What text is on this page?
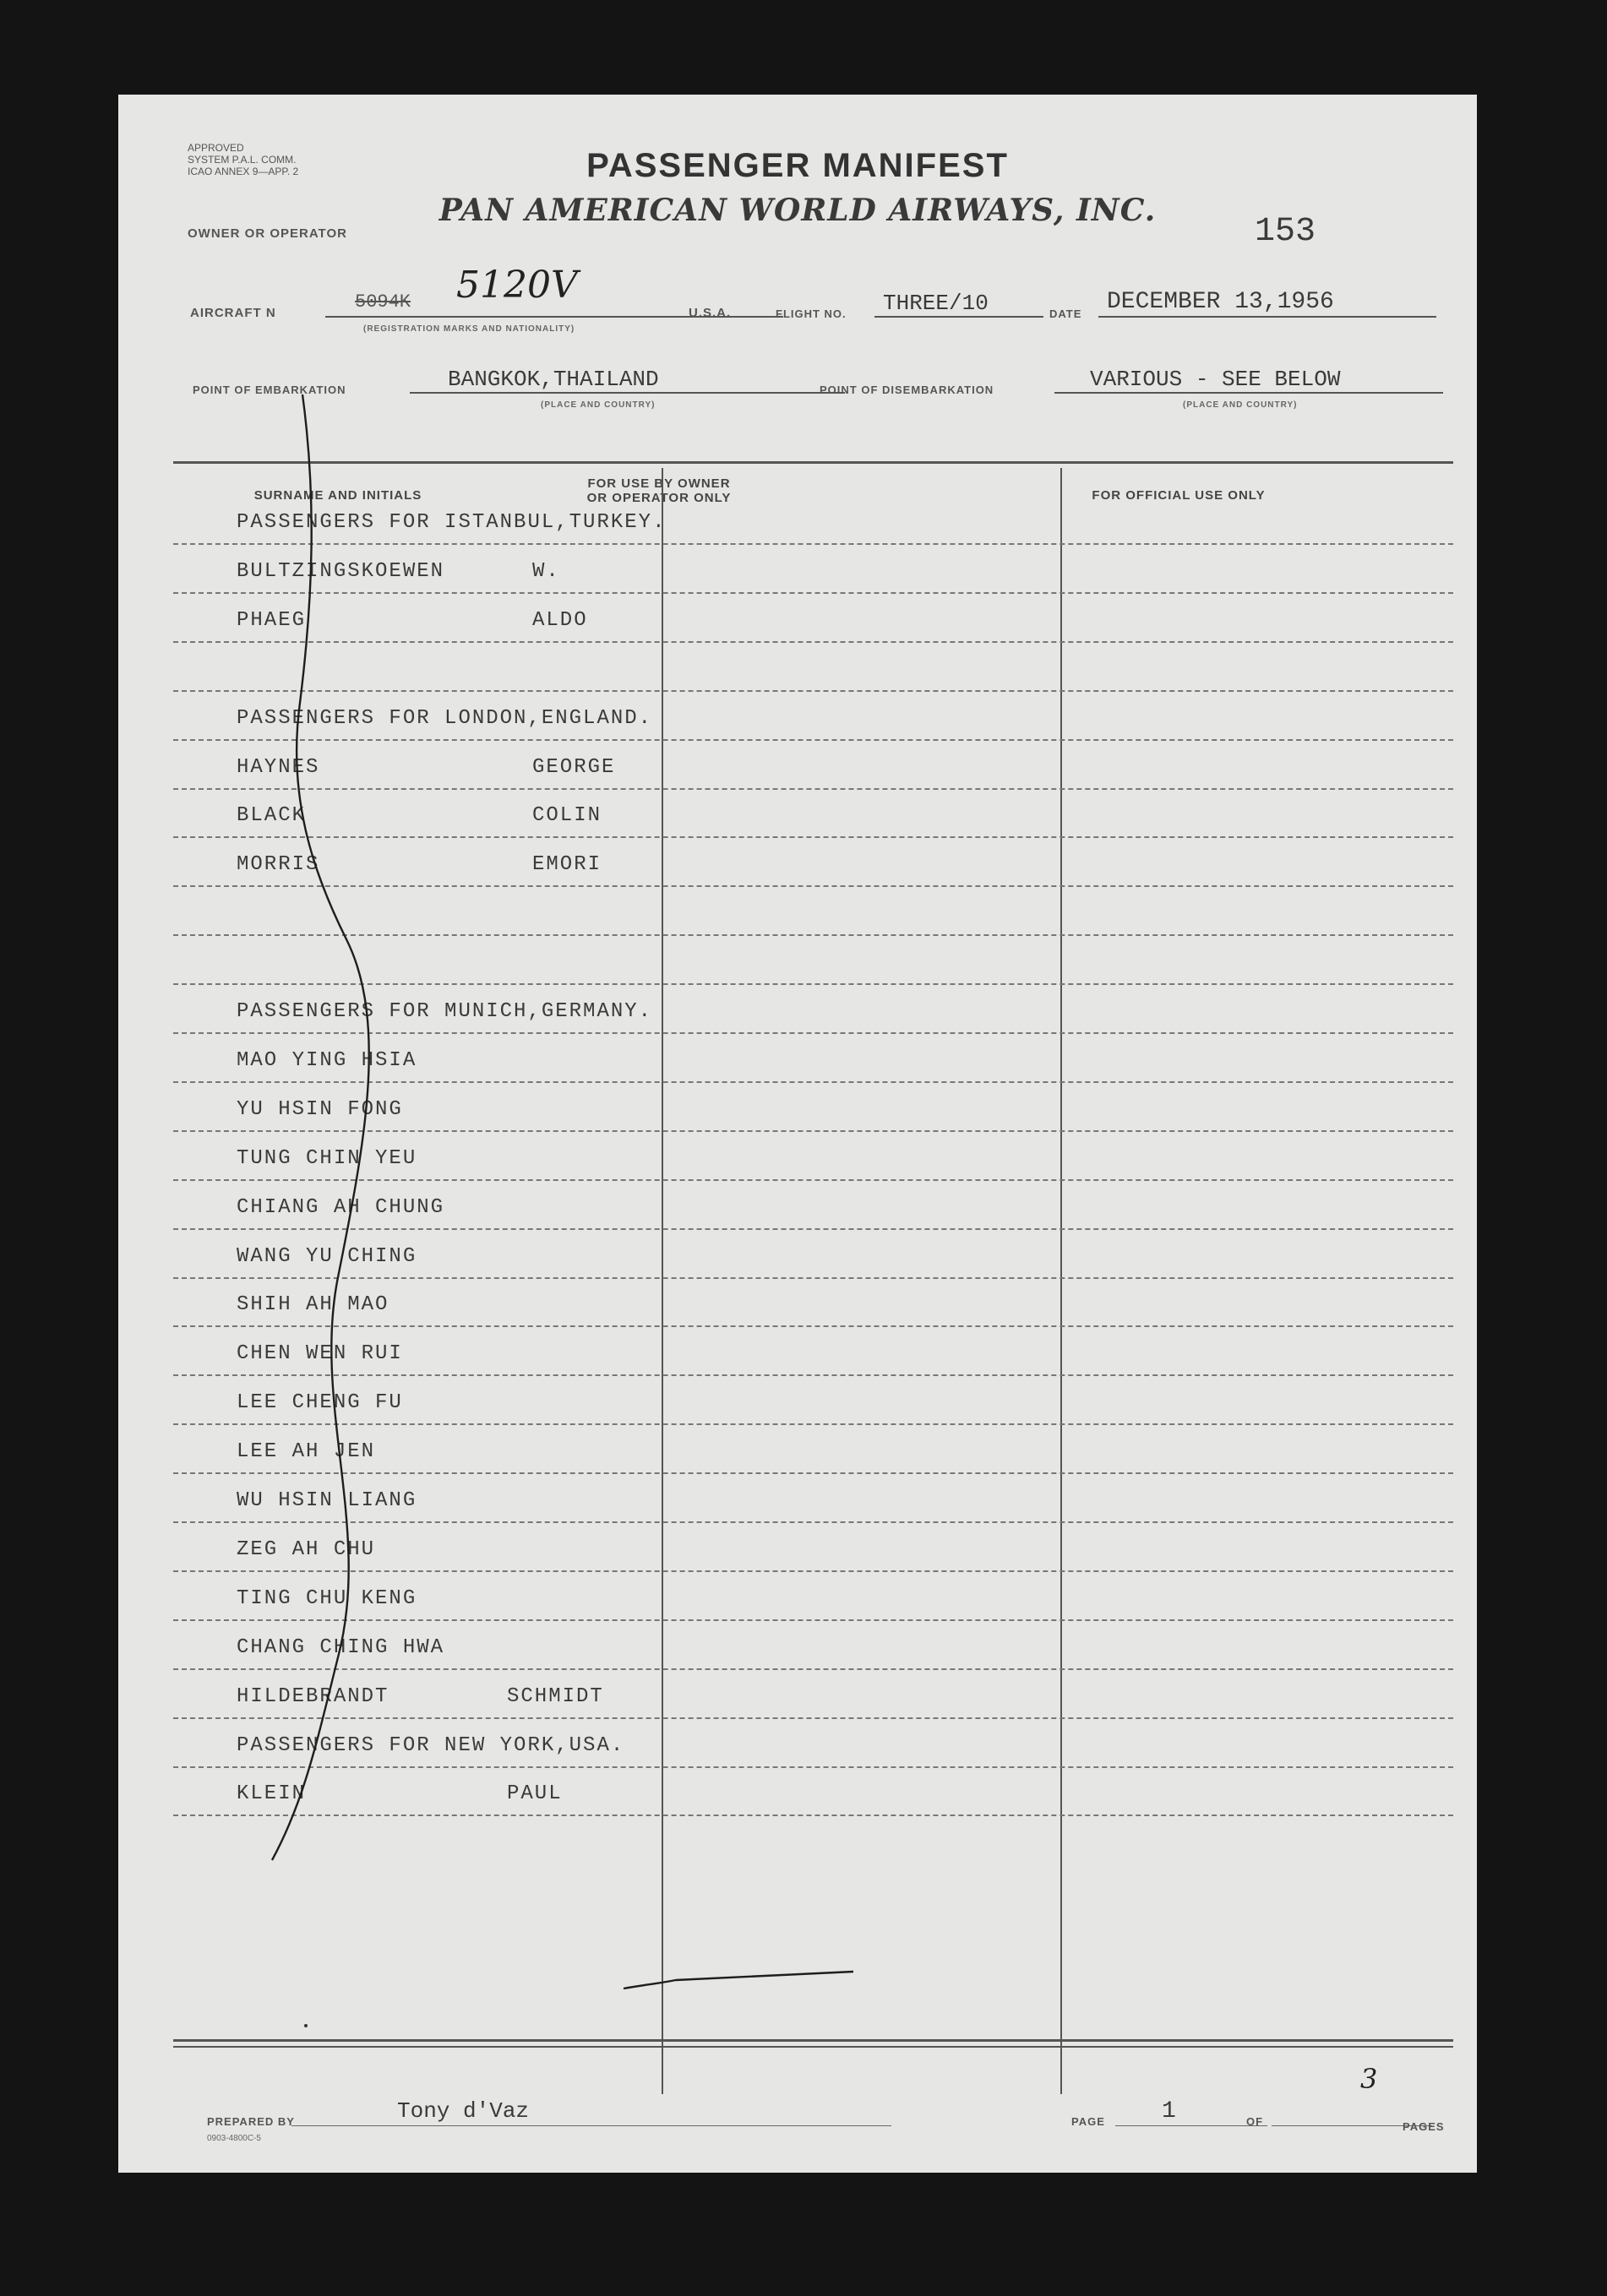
APPROVED
SYSTEM P.A.L. COMM.
ICAO ANNEX 9—APP. 2	PASSENGER MANIFEST
OWNER OR OPERATOR
PAN AMERICAN WORLD AIRWAYS, INC.
153
AIRCRAFT N
5094K 5120V
(REGISTRATION MARKS AND NATIONALITY)
U.S.A.	FLIGHT NO. THREE/10	DATE DECEMBER 13,1956
POINT OF EMBARKATION	BANGKOK,THAILAND
(PLACE AND COUNTRY)
POINT OF DISEMBARKATION	VARIOUS - SEE BELOW
(PLACE AND COUNTRY)
SURNAME AND INITIALS
FOR USE BY OWNER
OR OPERATOR ONLY	FOR OFFICIAL USE ONLY
PASSENGERS FOR ISTANBUL,TURKEY.
BULTZINGSKOEWEN	W.
PHAEG	ALDO
PASSENGERS FOR LONDON,ENGLAND.
HAYNES	GEORGE
BLACK	COLIN
MORRIS	EMORI
PASSENGERS FOR MUNICH,GERMANY.
MAO YING HSIA
YU HSIN FONG
TUNG CHIN YEU
CHIANG AH CHUNG
WANG YU CHING
SHIH AH MAO
CHEN WEN RUI
LEE CHENG FU
LEE AH JEN
WU HSIN LIANG
ZEG AH CHU
TING CHU KENG
CHANG CHING HWA
HILDEBRANDT	SCHMIDT
PASSENGERS FOR NEW YORK,USA.
KLEIN	PAUL
PREPARED BY	Tony d'Vaz
0903-4800C-5
PAGE 1	OF
3
PAGES
